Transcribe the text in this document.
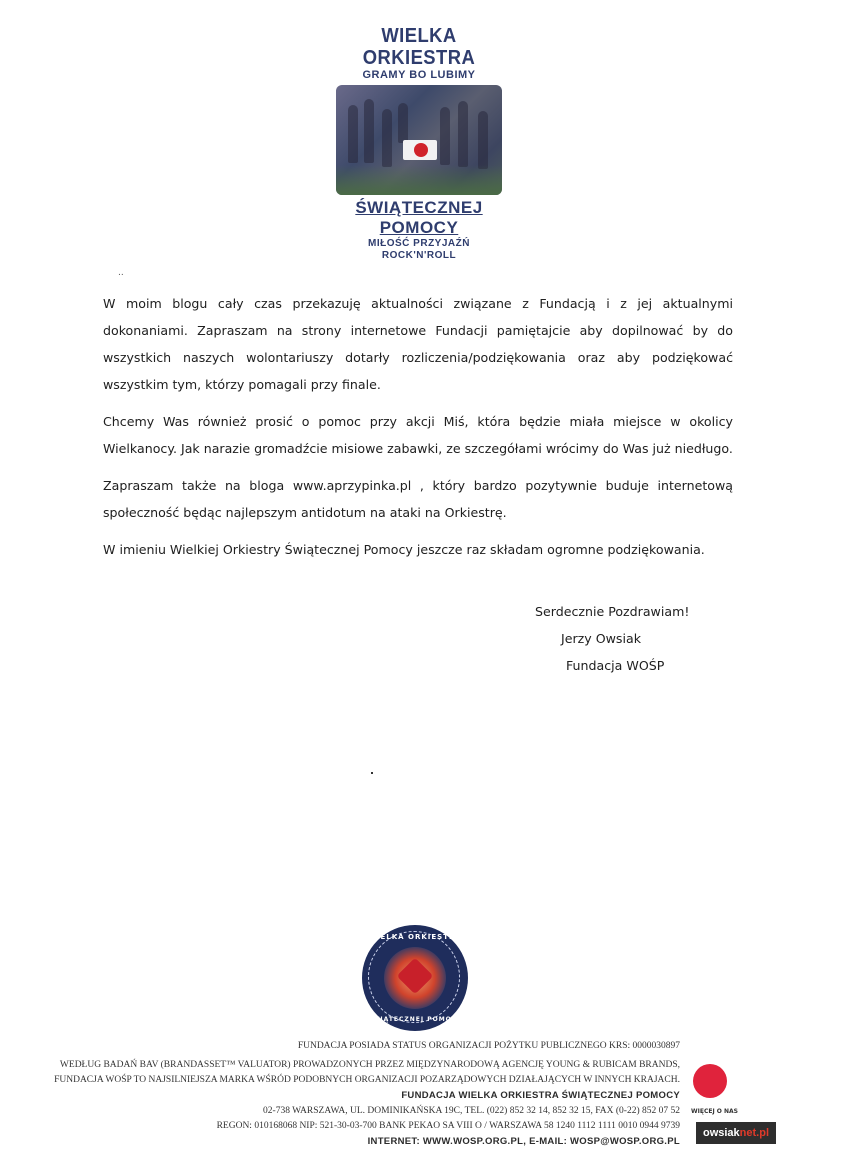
WIELKA ORKIESTRA
GRAMY BO LUBIMY
ŚWIĄTECZNEJ POMOCY
MIŁOŚĆ PRZYJAŹŃ ROCK'N'ROLL
..

W moim blogu cały czas przekazuję aktualności związane z Fundacją i z jej aktualnymi dokonaniami. Zapraszam na strony internetowe Fundacji pamiętajcie aby dopilnować by do wszystkich naszych wolontariuszy dotarły rozliczenia/podziękowania oraz aby podziękować wszystkim tym, którzy pomagali przy finale.

Chcemy Was również prosić o pomoc przy akcji Miś, która będzie miała miejsce w okolicy Wielkanocy. Jak narazie gromadźcie misiowe zabawki, ze szczegółami wrócimy do Was już niedługo.

Zapraszam także na bloga www.aprzypinka.pl , który bardzo pozytywnie buduje internetową społeczność będąc najlepszym antidotum na ataki na Orkiestrę.

W imieniu Wielkiej Orkiestry Świątecznej Pomocy jeszcze raz składam ogromne podziękowania.

Serdecznie Pozdrawiam!
Jerzy Owsiak
Fundacja WOŚP
WIELKA ORKIESTRA
ŚWIĄTECZNEJ POMOCY
FUNDACJA POSIADA STATUS ORGANIZACJI POŻYTKU PUBLICZNEGO KRS: 0000030897
WEDŁUG BADAŃ BAV (BRANDASSET™ VALUATOR) PROWADZONYCH PRZEZ MIĘDZYNARODOWĄ AGENCJĘ YOUNG & RUBICAM BRANDS,
FUNDACJA WOŚP TO NAJSILNIEJSZA MARKA WŚRÓD PODOBNYCH ORGANIZACJI POZARZĄDOWYCH DZIAŁAJĄCYCH W INNYCH KRAJACH.
FUNDACJA WIELKA ORKIESTRA ŚWIĄTECZNEJ POMOCY
02-738 WARSZAWA, UL. DOMINIKAŃSKA 19C, TEL. (022) 852 32 14, 852 32 15, FAX (0-22) 852 07 52
REGON: 010168068 NIP: 521-30-03-700 BANK PEKAO SA VIII O / WARSZAWA 58 1240 1112 1111 0010 0944 9739
INTERNET: WWW.WOSP.ORG.PL, E-MAIL: WOSP@WOSP.ORG.PL
WIĘCEJ O NAS
owsiaknet.pl
